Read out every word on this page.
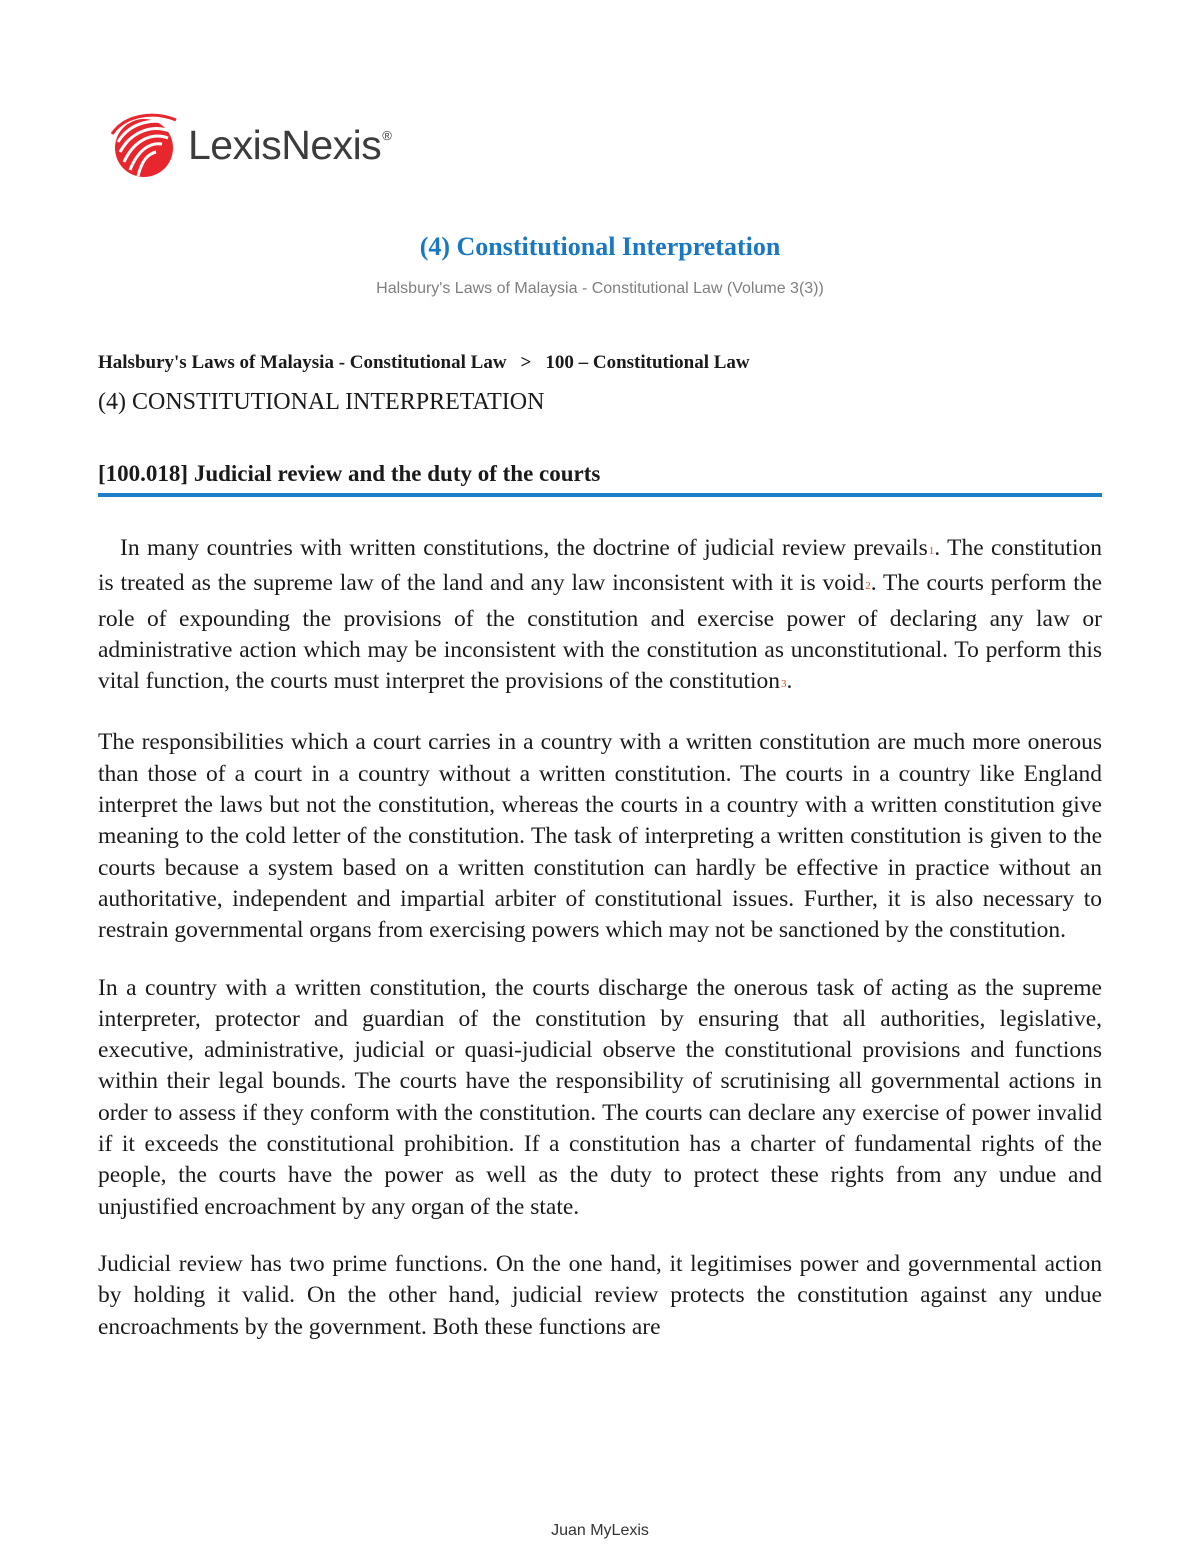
LexisNexis®
(4) Constitutional Interpretation
Halsbury's Laws of Malaysia - Constitutional Law (Volume 3(3))
Halsbury's Laws of Malaysia - Constitutional Law > 100 – Constitutional Law
(4) CONSTITUTIONAL INTERPRETATION
[100.018] Judicial review and the duty of the courts

In many countries with written constitutions, the doctrine of judicial review prevails1. The constitution is treated as the supreme law of the land and any law inconsistent with it is void2. The courts perform the role of expounding the provisions of the constitution and exercise power of declaring any law or administrative action which may be inconsistent with the constitution as unconstitutional. To perform this vital function, the courts must interpret the provisions of the constitution3.

The responsibilities which a court carries in a country with a written constitution are much more onerous than those of a court in a country without a written constitution. The courts in a country like England interpret the laws but not the constitution, whereas the courts in a country with a written constitution give meaning to the cold letter of the constitution. The task of interpreting a written constitution is given to the courts because a system based on a written constitution can hardly be effective in practice without an authoritative, independent and impartial arbiter of constitutional issues. Further, it is also necessary to restrain governmental organs from exercising powers which may not be sanctioned by the constitution.

In a country with a written constitution, the courts discharge the onerous task of acting as the supreme interpreter, protector and guardian of the constitution by ensuring that all authorities, legislative, executive, administrative, judicial or quasi-judicial observe the constitutional provisions and functions within their legal bounds. The courts have the responsibility of scrutinising all governmental actions in order to assess if they conform with the constitution. The courts can declare any exercise of power invalid if it exceeds the constitutional prohibition. If a constitution has a charter of fundamental rights of the people, the courts have the power as well as the duty to protect these rights from any undue and unjustified encroachment by any organ of the state.

Judicial review has two prime functions. On the one hand, it legitimises power and governmental action by holding it valid. On the other hand, judicial review protects the constitution against any undue encroachments by the government. Both these functions are

Juan MyLexis
